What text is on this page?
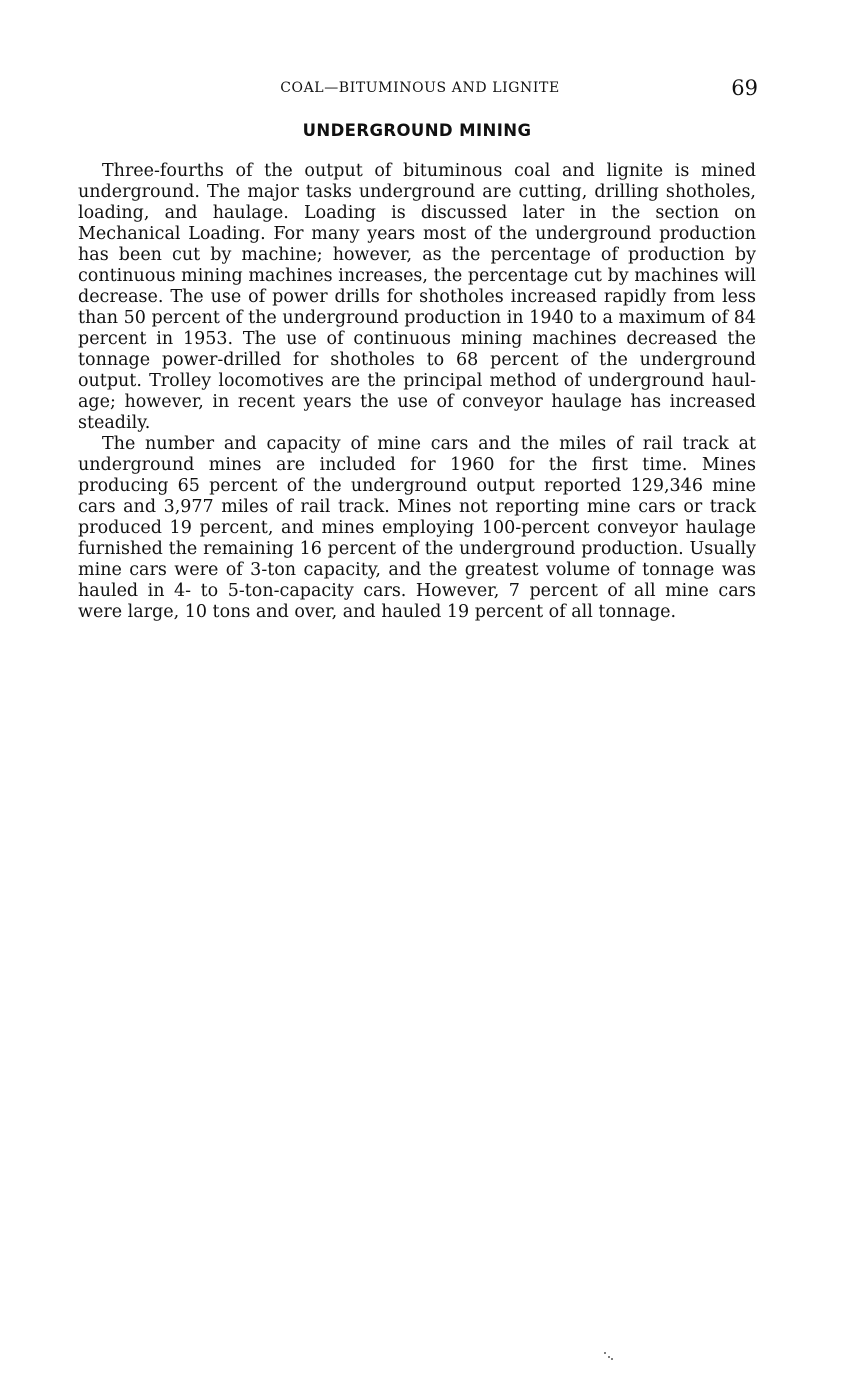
COAL—BITUMINOUS AND LIGNITE	69
UNDERGROUND MINING

Three-fourths of the output of bituminous coal and lignite is mined underground. The major tasks underground are cutting, drilling shotholes, loading, and haulage. Loading is discussed later in the section on Mechanical Loading. For many years most of the underground production has been cut by machine; however, as the percentage of production by continuous mining machines increases, the percentage cut by machines will decrease. The use of power drills for shotholes increased rapidly from less than 50 percent of the underground production in 1940 to a maximum of 84 percent in 1953. The use of continuous mining machines decreased the tonnage power-drilled for shotholes to 68 percent of the underground output. Trolley locomotives are the principal method of underground haulage; however, in recent years the use of conveyor haulage has increased steadily.

The number and capacity of mine cars and the miles of rail track at underground mines are included for 1960 for the first time. Mines producing 65 percent of the underground output reported 129,346 mine cars and 3,977 miles of rail track. Mines not reporting mine cars or track produced 19 percent, and mines employing 100-percent conveyor haulage furnished the remaining 16 percent of the underground production. Usually mine cars were of 3-ton capacity, and the greatest volume of tonnage was hauled in 4- to 5-ton-capacity cars. However, 7 percent of all mine cars were large, 10 tons and over, and hauled 19 percent of all tonnage.
